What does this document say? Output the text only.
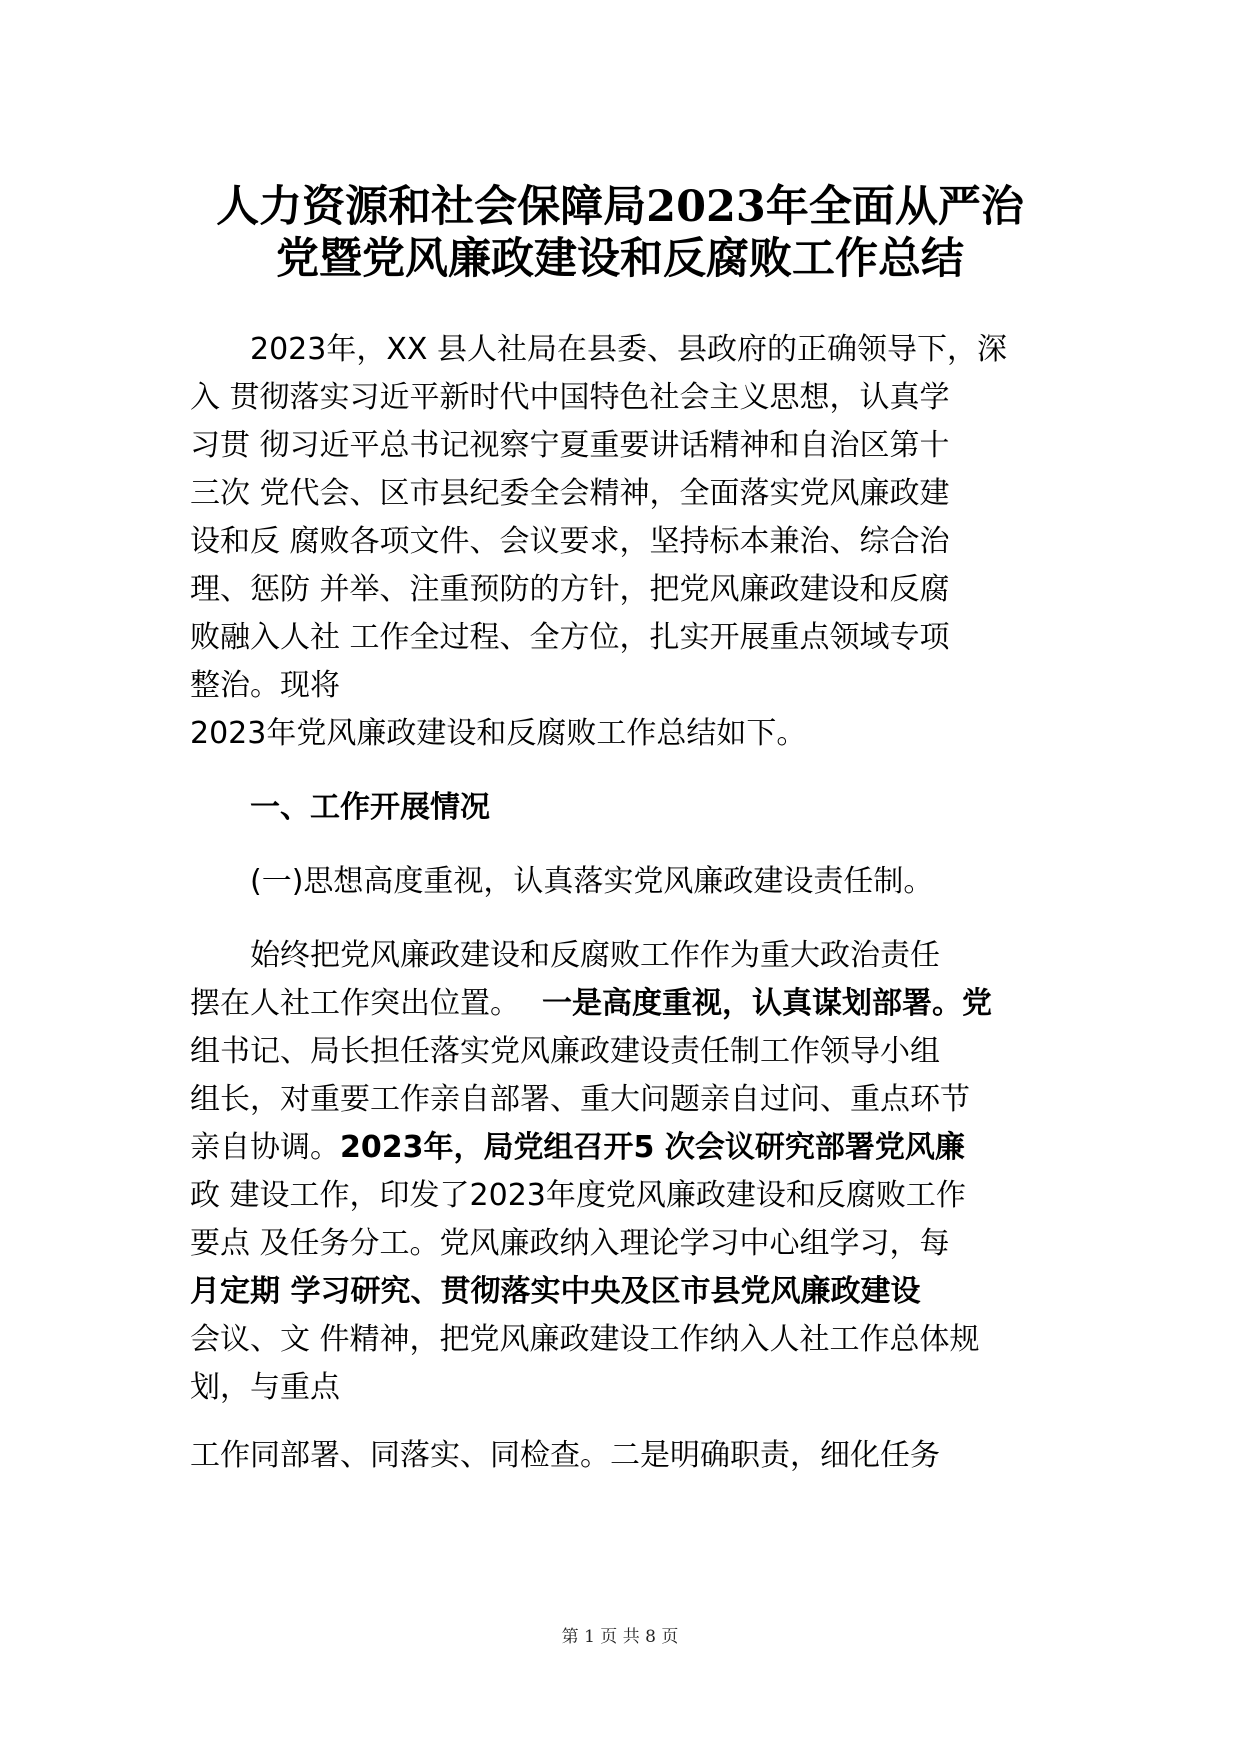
人力资源和社会保障局2023年全面从严治
党暨党风廉政建设和反腐败工作总结
　　2023年，XX 县人社局在县委、县政府的正确领导下，深
入 贯彻落实习近平新时代中国特色社会主义思想，认真学
习贯 彻习近平总书记视察宁夏重要讲话精神和自治区第十
三次 党代会、区市县纪委全会精神，全面落实党风廉政建
设和反 腐败各项文件、会议要求，坚持标本兼治、综合治
理、惩防 并举、注重预防的方针，把党风廉政建设和反腐
败融入人社 工作全过程、全方位，扎实开展重点领域专项
整治。现将
2023年党风廉政建设和反腐败工作总结如下。
　　一、工作开展情况
　　(一)思想高度重视，认真落实党风廉政建设责任制。
　　始终把党风廉政建设和反腐败工作作为重大政治责任
摆在人社工作突出位置。 一是高度重视，认真谋划部署。党
组书记、局长担任落实党风廉政建设责任制工作领导小组
组长，对重要工作亲自部署、重大问题亲自过问、重点环节
亲自协调。2023年，局党组召开5 次会议研究部署党风廉
政 建设工作，印发了2023年度党风廉政建设和反腐败工作
要点 及任务分工。党风廉政纳入理论学习中心组学习，每
月定期 学习研究、贯彻落实中央及区市县党风廉政建设
会议、文 件精神，把党风廉政建设工作纳入人社工作总体规
划，与重点
工作同部署、同落实、同检查。二是明确职责，细化任务
第 1 页 共 8 页
